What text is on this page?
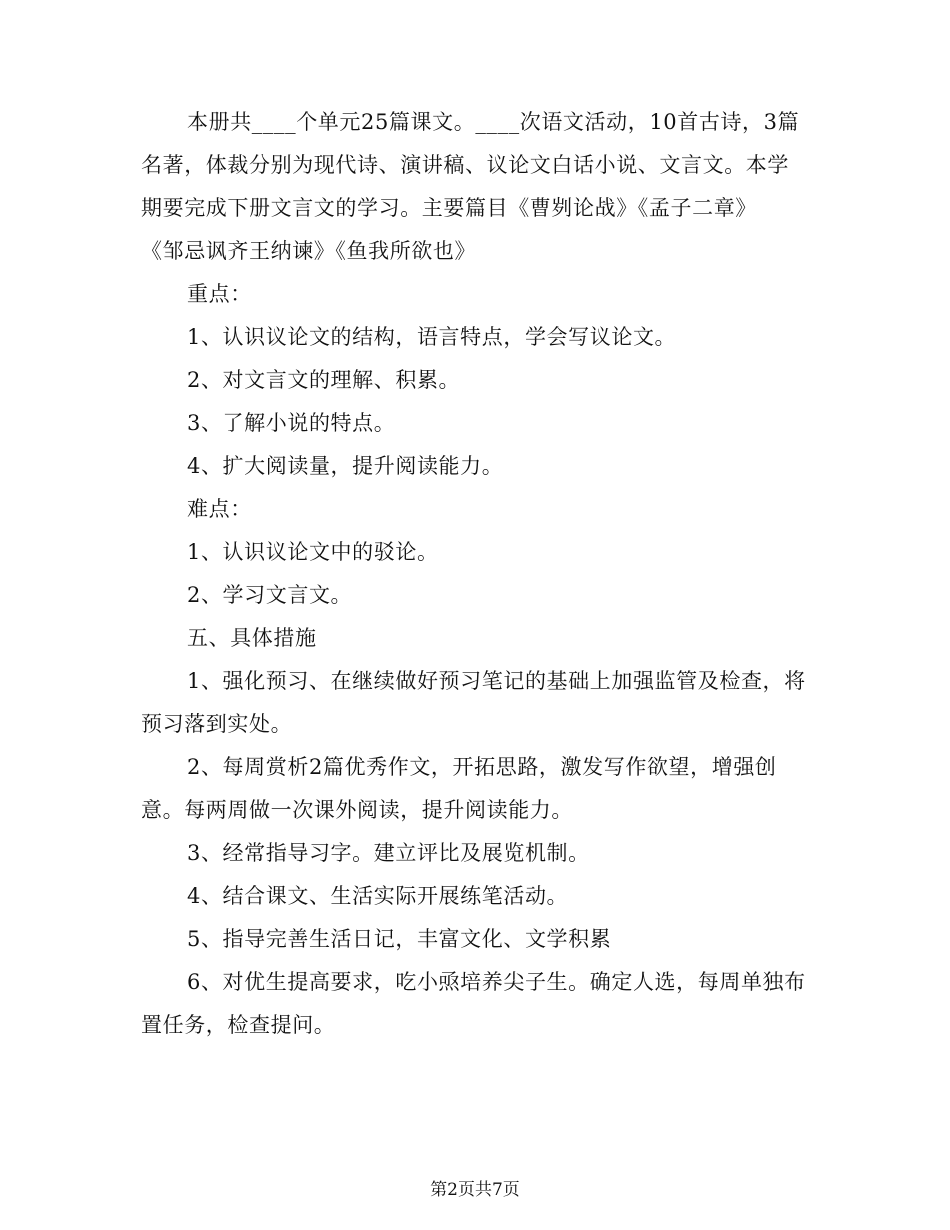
本册共____个单元25篇课文。____次语文活动，10首古诗，3篇
名著，体裁分别为现代诗、演讲稿、议论文白话小说、文言文。本学
期要完成下册文言文的学习。主要篇目《曹刿论战》《孟子二章》
《邹忌讽齐王纳谏》《鱼我所欲也》
重点：
1、认识议论文的结构，语言特点，学会写议论文。
2、对文言文的理解、积累。
3、了解小说的特点。
4、扩大阅读量，提升阅读能力。
难点：
1、认识议论文中的驳论。
2、学习文言文。
五、具体措施
1、强化预习、在继续做好预习笔记的基础上加强监管及检查，将
预习落到实处。
2、每周赏析2篇优秀作文，开拓思路，激发写作欲望，增强创
意。每两周做一次课外阅读，提升阅读能力。
3、经常指导习字。建立评比及展览机制。
4、结合课文、生活实际开展练笔活动。
5、指导完善生活日记，丰富文化、文学积累
6、对优生提高要求，吃小焏培养尖子生。确定人选，每周单独布
置任务，检查提问。
第2页共7页
